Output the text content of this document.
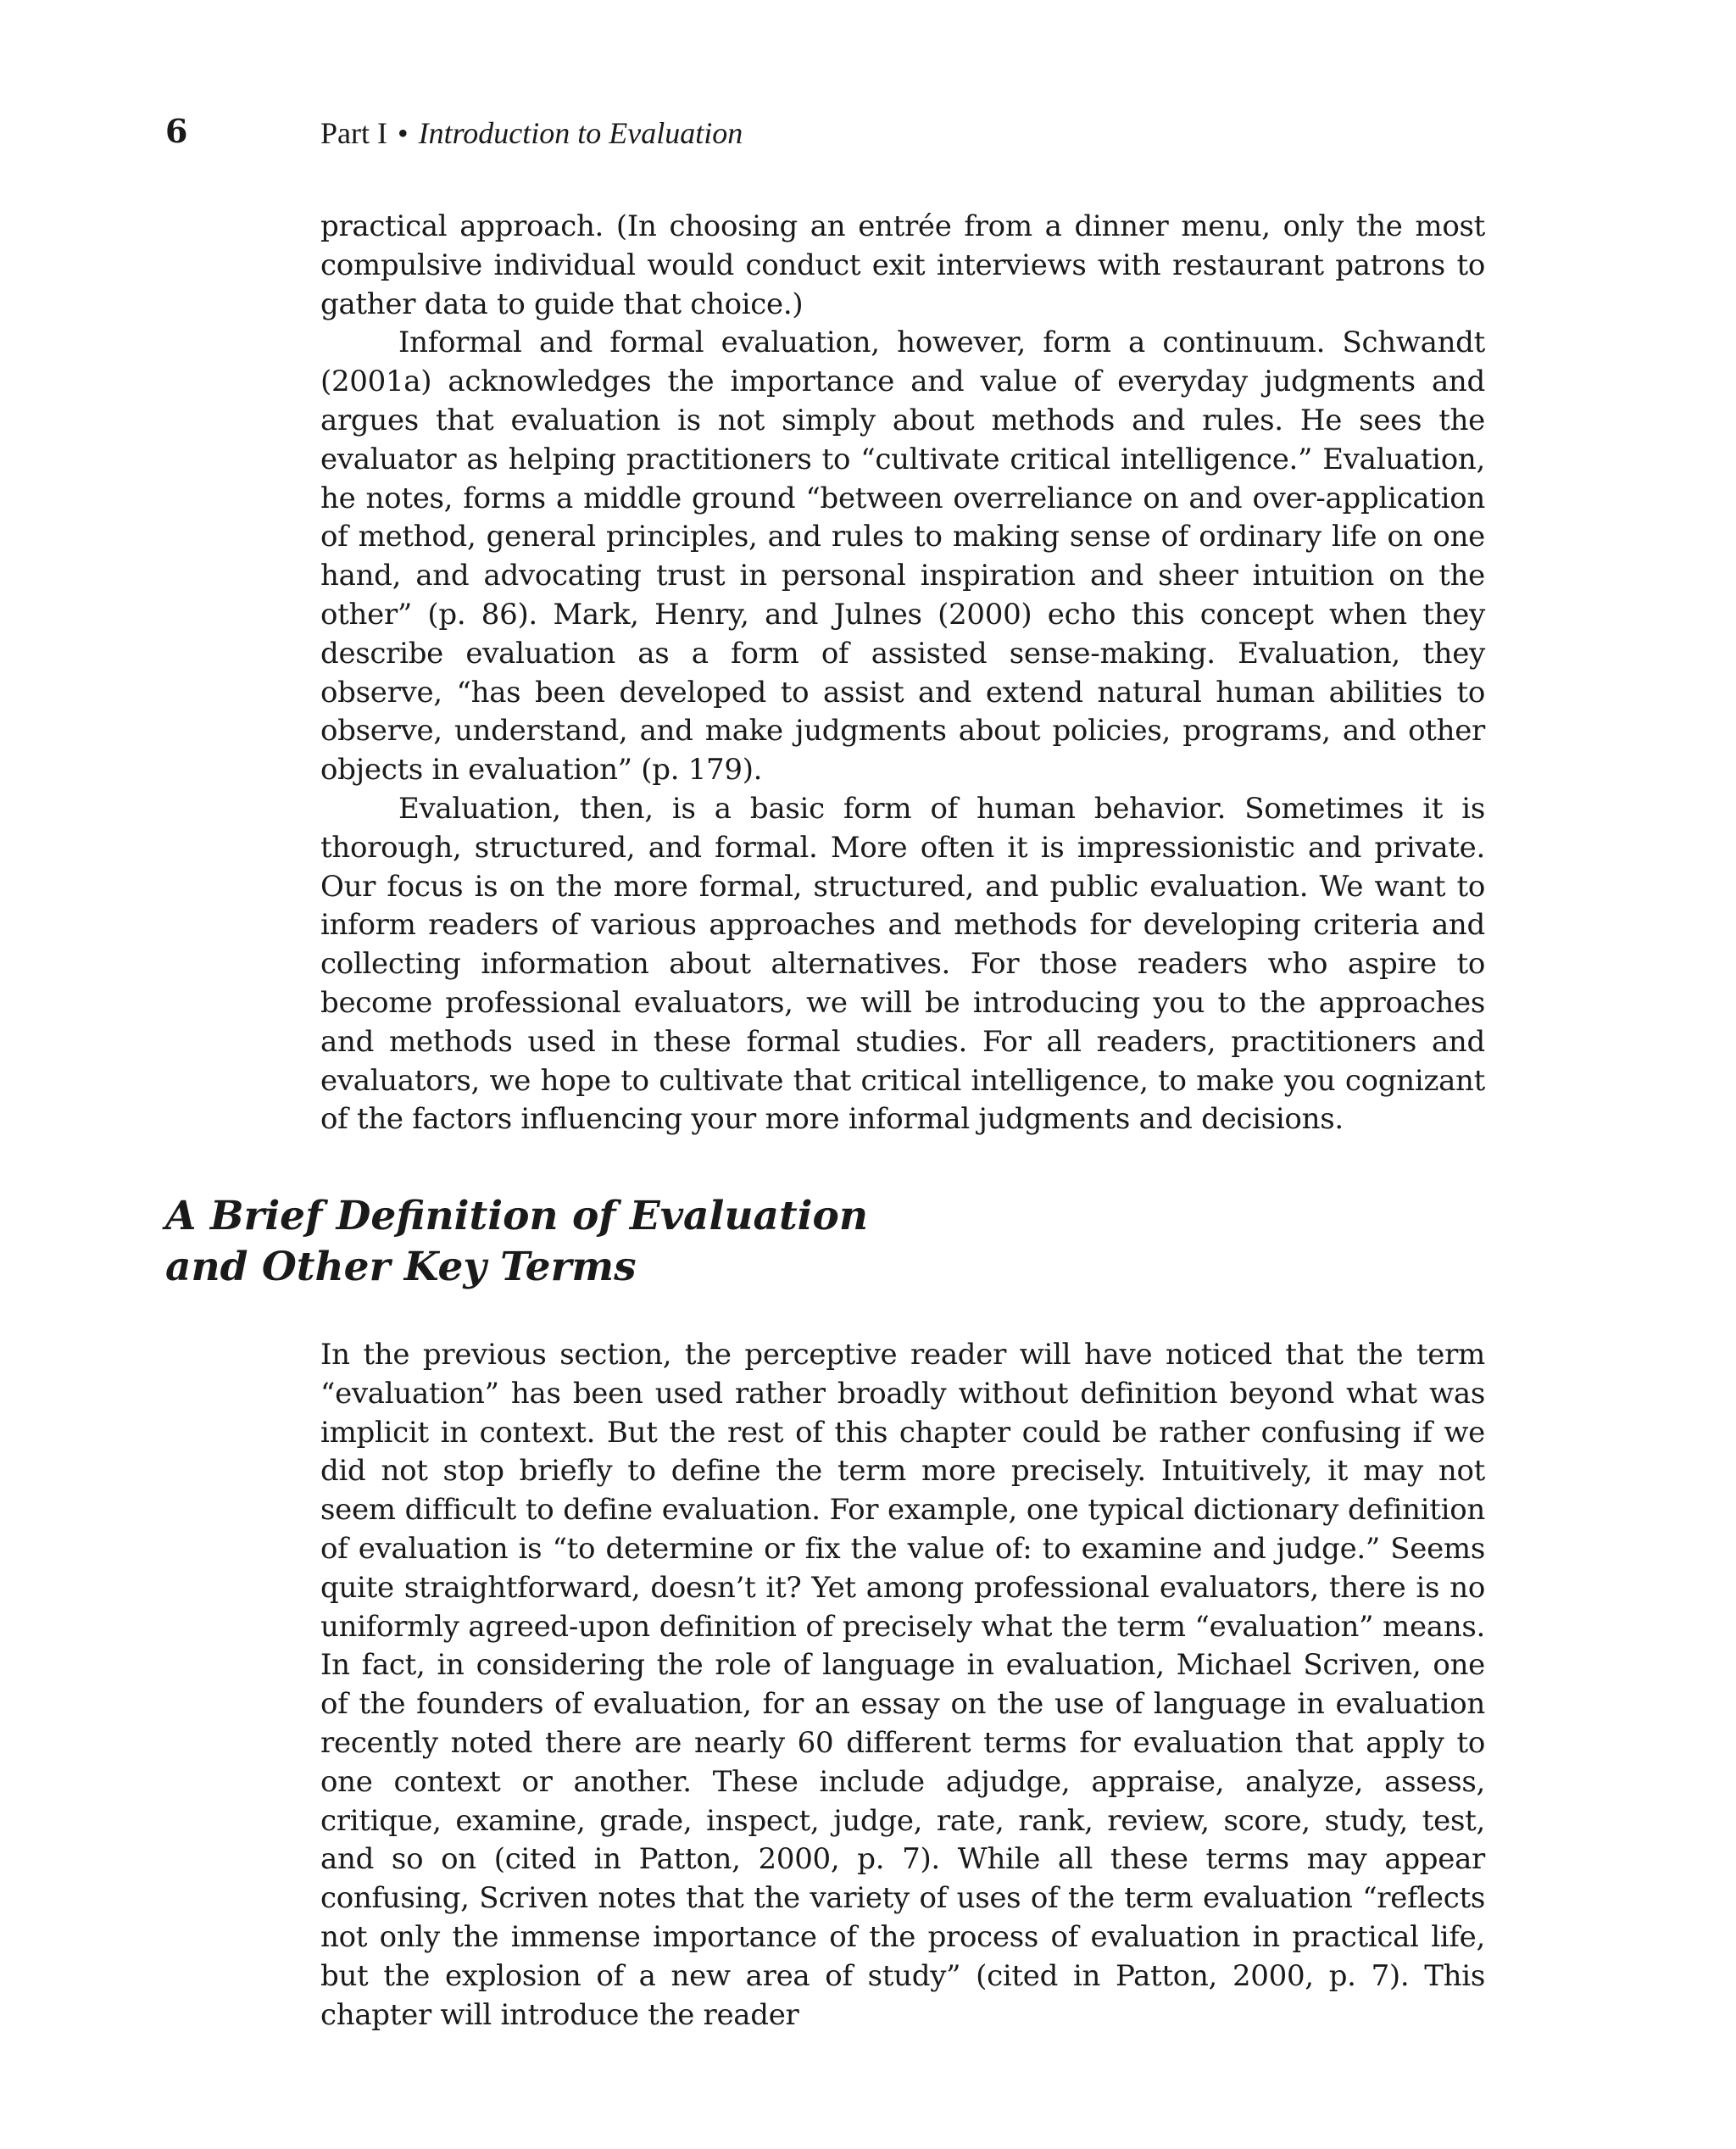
6	Part I • Introduction to Evaluation

practical approach. (In choosing an entrée from a dinner menu, only the most compulsive individual would conduct exit interviews with restaurant patrons to gather data to guide that choice.)

Informal and formal evaluation, however, form a continuum. Schwandt (2001a) acknowledges the importance and value of everyday judgments and argues that evaluation is not simply about methods and rules. He sees the evaluator as helping practitioners to “cultivate critical intelligence.” Evaluation, he notes, forms a middle ground “between overreliance on and over-application of method, general principles, and rules to making sense of ordinary life on one hand, and advocating trust in personal inspiration and sheer intuition on the other” (p. 86). Mark, Henry, and Julnes (2000) echo this concept when they describe evaluation as a form of assisted sense-making. Evaluation, they observe, “has been developed to assist and extend natural human abilities to observe, understand, and make judgments about policies, programs, and other objects in evaluation” (p. 179).

Evaluation, then, is a basic form of human behavior. Sometimes it is thorough, structured, and formal. More often it is impressionistic and private. Our focus is on the more formal, structured, and public evaluation. We want to inform readers of various approaches and methods for developing criteria and collecting information about alternatives. For those readers who aspire to become professional evaluators, we will be introducing you to the approaches and methods used in these formal studies. For all readers, practitioners and evaluators, we hope to cultivate that critical intelligence, to make you cognizant of the factors influencing your more informal judgments and decisions.

A Brief Definition of Evaluation
and Other Key Terms

In the previous section, the perceptive reader will have noticed that the term “evaluation” has been used rather broadly without definition beyond what was implicit in context. But the rest of this chapter could be rather confusing if we did not stop briefly to define the term more precisely. Intuitively, it may not seem difficult to define evaluation. For example, one typical dictionary definition of evaluation is “to determine or fix the value of: to examine and judge.” Seems quite straightforward, doesn’t it? Yet among professional evaluators, there is no uniformly agreed-upon definition of precisely what the term “evaluation” means. In fact, in considering the role of language in evaluation, Michael Scriven, one of the founders of evaluation, for an essay on the use of language in evaluation recently noted there are nearly 60 different terms for evaluation that apply to one context or another. These include adjudge, appraise, analyze, assess, critique, examine, grade, inspect, judge, rate, rank, review, score, study, test, and so on (cited in Patton, 2000, p. 7). While all these terms may appear confusing, Scriven notes that the variety of uses of the term evaluation “reflects not only the immense importance of the process of evaluation in practical life, but the explosion of a new area of study” (cited in Patton, 2000, p. 7). This chapter will introduce the reader
